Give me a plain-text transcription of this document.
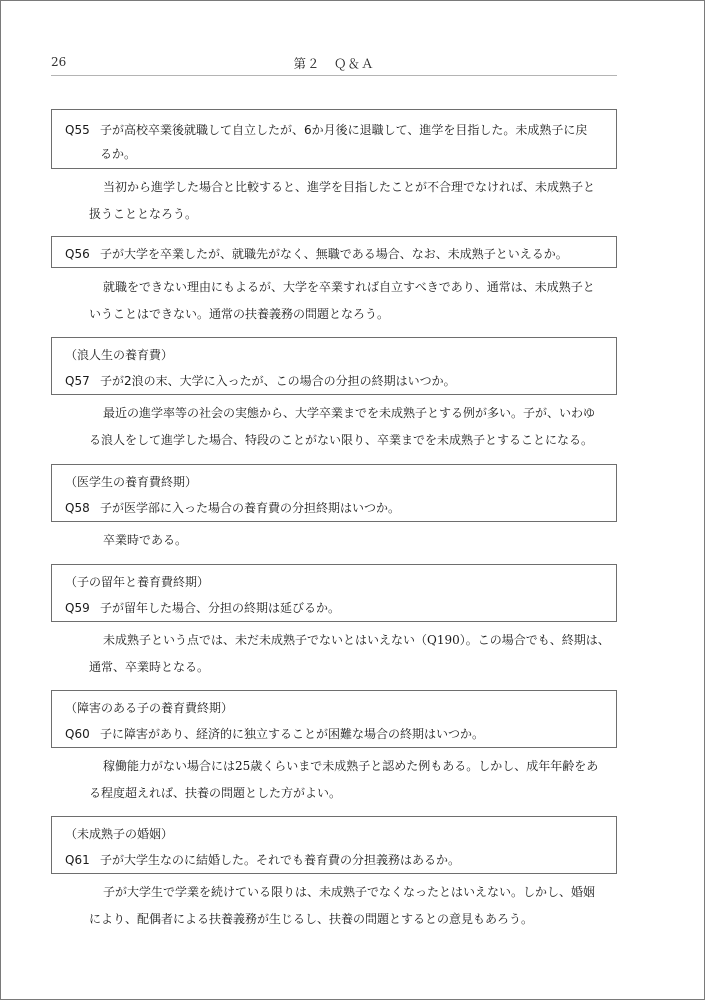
26	第２　Ｑ＆Ａ
Q55 子が高校卒業後就職して自立したが、6か月後に退職して、進学を目指した。未成熟子に戻
るか。
当初から進学した場合と比較すると、進学を目指したことが不合理でなければ、未成熟子と
扱うこととなろう。
Q56 子が大学を卒業したが、就職先がなく、無職である場合、なお、未成熟子といえるか。
就職をできない理由にもよるが、大学を卒業すれば自立すべきであり、通常は、未成熟子と
いうことはできない。通常の扶養義務の問題となろう。
（浪人生の養育費）
Q57 子が2浪の末、大学に入ったが、この場合の分担の終期はいつか。
最近の進学率等の社会の実態から、大学卒業までを未成熟子とする例が多い。子が、いわゆ
る浪人をして進学した場合、特段のことがない限り、卒業までを未成熟子とすることになる。
（医学生の養育費終期）
Q58 子が医学部に入った場合の養育費の分担終期はいつか。
卒業時である。
（子の留年と養育費終期）
Q59 子が留年した場合、分担の終期は延びるか。
未成熟子という点では、未だ未成熟子でないとはいえない（Q190）。この場合でも、終期は、
通常、卒業時となる。
（障害のある子の養育費終期）
Q60 子に障害があり、経済的に独立することが困難な場合の終期はいつか。
稼働能力がない場合には25歳くらいまで未成熟子と認めた例もある。しかし、成年年齢をあ
る程度超えれば、扶養の問題とした方がよい。
（未成熟子の婚姻）
Q61 子が大学生なのに結婚した。それでも養育費の分担義務はあるか。
子が大学生で学業を続けている限りは、未成熟子でなくなったとはいえない。しかし、婚姻
により、配偶者による扶養義務が生じるし、扶養の問題とするとの意見もあろう。
